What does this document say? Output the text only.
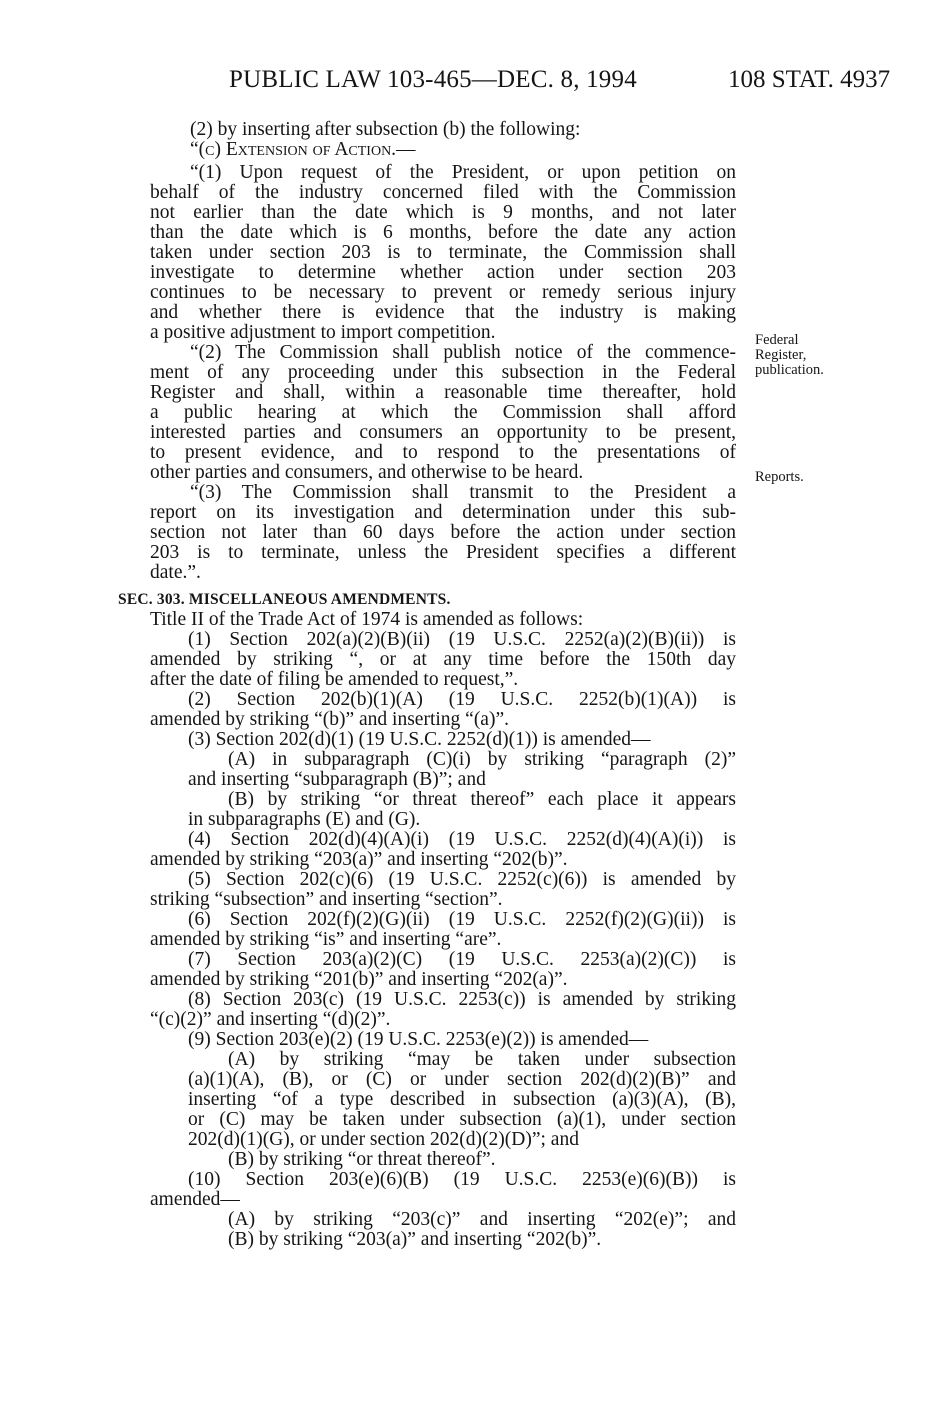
PUBLIC LAW 103-465—DEC. 8, 1994	108 STAT. 4937
Federal
Register,
publication.
Reports.
(2) by inserting after subsection (b) the following:
“(c) Extension of Action.—
“(1) Upon request of the President, or upon petition on
behalf of the industry concerned filed with the Commission
not earlier than the date which is 9 months, and not later
than the date which is 6 months, before the date any action
taken under section 203 is to terminate, the Commission shall
investigate to determine whether action under section 203
continues to be necessary to prevent or remedy serious injury
and whether there is evidence that the industry is making
a positive adjustment to import competition.
“(2) The Commission shall publish notice of the commence-
ment of any proceeding under this subsection in the Federal
Register and shall, within a reasonable time thereafter, hold
a public hearing at which the Commission shall afford
interested parties and consumers an opportunity to be present,
to present evidence, and to respond to the presentations of
other parties and consumers, and otherwise to be heard.
“(3) The Commission shall transmit to the President a
report on its investigation and determination under this sub-
section not later than 60 days before the action under section
203 is to terminate, unless the President specifies a different
date.”.
SEC. 303. MISCELLANEOUS AMENDMENTS.
Title II of the Trade Act of 1974 is amended as follows:
(1) Section 202(a)(2)(B)(ii) (19 U.S.C. 2252(a)(2)(B)(ii)) is
amended by striking “, or at any time before the 150th day
after the date of filing be amended to request,”.
(2) Section 202(b)(1)(A) (19 U.S.C. 2252(b)(1)(A)) is
amended by striking “(b)” and inserting “(a)”.
(3) Section 202(d)(1) (19 U.S.C. 2252(d)(1)) is amended—
(A) in subparagraph (C)(i) by striking “paragraph (2)”
and inserting “subparagraph (B)”; and
(B) by striking “or threat thereof” each place it appears
in subparagraphs (E) and (G).
(4) Section 202(d)(4)(A)(i) (19 U.S.C. 2252(d)(4)(A)(i)) is
amended by striking “203(a)” and inserting “202(b)”.
(5) Section 202(c)(6) (19 U.S.C. 2252(c)(6)) is amended by
striking “subsection” and inserting “section”.
(6) Section 202(f)(2)(G)(ii) (19 U.S.C. 2252(f)(2)(G)(ii)) is
amended by striking “is” and inserting “are”.
(7) Section 203(a)(2)(C) (19 U.S.C. 2253(a)(2)(C)) is
amended by striking “201(b)” and inserting “202(a)”.
(8) Section 203(c) (19 U.S.C. 2253(c)) is amended by striking
“(c)(2)” and inserting “(d)(2)”.
(9) Section 203(e)(2) (19 U.S.C. 2253(e)(2)) is amended—
(A) by striking “may be taken under subsection
(a)(1)(A), (B), or (C) or under section 202(d)(2)(B)” and
inserting “of a type described in subsection (a)(3)(A), (B),
or (C) may be taken under subsection (a)(1), under section
202(d)(1)(G), or under section 202(d)(2)(D)”; and
(B) by striking “or threat thereof”.
(10) Section 203(e)(6)(B) (19 U.S.C. 2253(e)(6)(B)) is
amended—
(A) by striking “203(c)” and inserting “202(e)”; and
(B) by striking “203(a)” and inserting “202(b)”.
